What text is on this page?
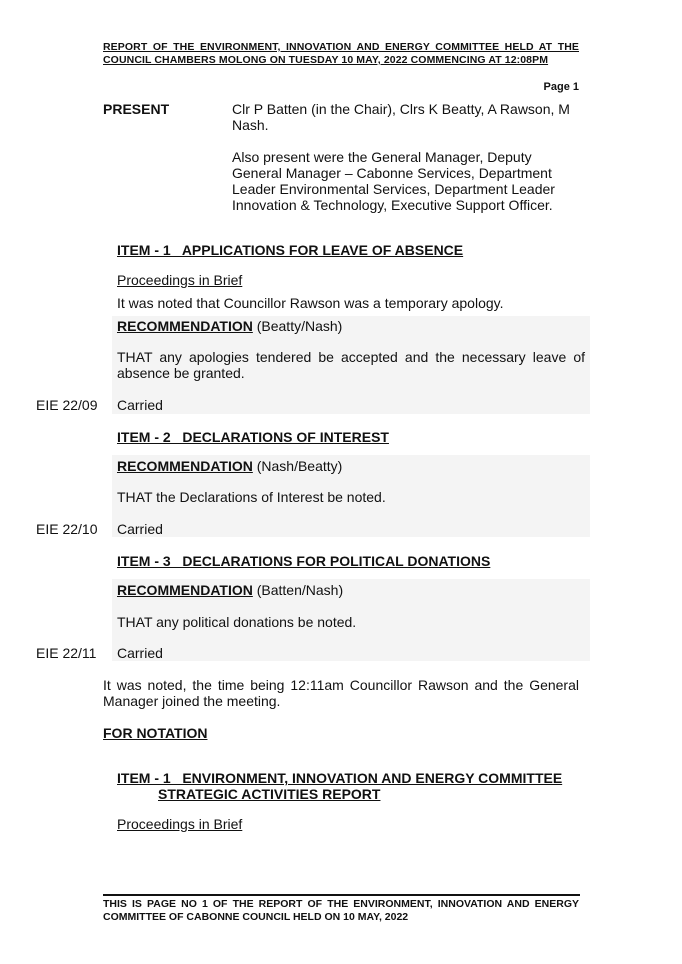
REPORT OF THE ENVIRONMENT, INNOVATION AND ENERGY COMMITTEE HELD AT THE COUNCIL CHAMBERS MOLONG ON TUESDAY 10 MAY, 2022 COMMENCING AT 12:08PM
Page 1
PRESENT	Clr P Batten (in the Chair), Clrs K Beatty, A Rawson, M Nash.
Also present were the General Manager, Deputy General Manager – Cabonne Services, Department Leader Environmental Services, Department Leader Innovation & Technology, Executive Support Officer.
ITEM - 1   APPLICATIONS FOR LEAVE OF ABSENCE
Proceedings in Brief
It was noted that Councillor Rawson was a temporary apology.
RECOMMENDATION (Beatty/Nash)
THAT any apologies tendered be accepted and the necessary leave of absence be granted.
EIE 22/09 Carried
ITEM - 2   DECLARATIONS OF INTEREST
RECOMMENDATION (Nash/Beatty)
THAT the Declarations of Interest be noted.
EIE 22/10 Carried
ITEM - 3   DECLARATIONS FOR POLITICAL DONATIONS
RECOMMENDATION (Batten/Nash)
THAT any political donations be noted.
EIE 22/11 Carried
It was noted, the time being 12:11am Councillor Rawson and the General Manager joined the meeting.
FOR NOTATION
ITEM - 1   ENVIRONMENT, INNOVATION AND ENERGY COMMITTEE
STRATEGIC ACTIVITIES REPORT
Proceedings in Brief
THIS IS PAGE NO 1 OF THE REPORT OF THE ENVIRONMENT, INNOVATION AND ENERGY COMMITTEE OF CABONNE COUNCIL HELD ON 10 MAY, 2022
